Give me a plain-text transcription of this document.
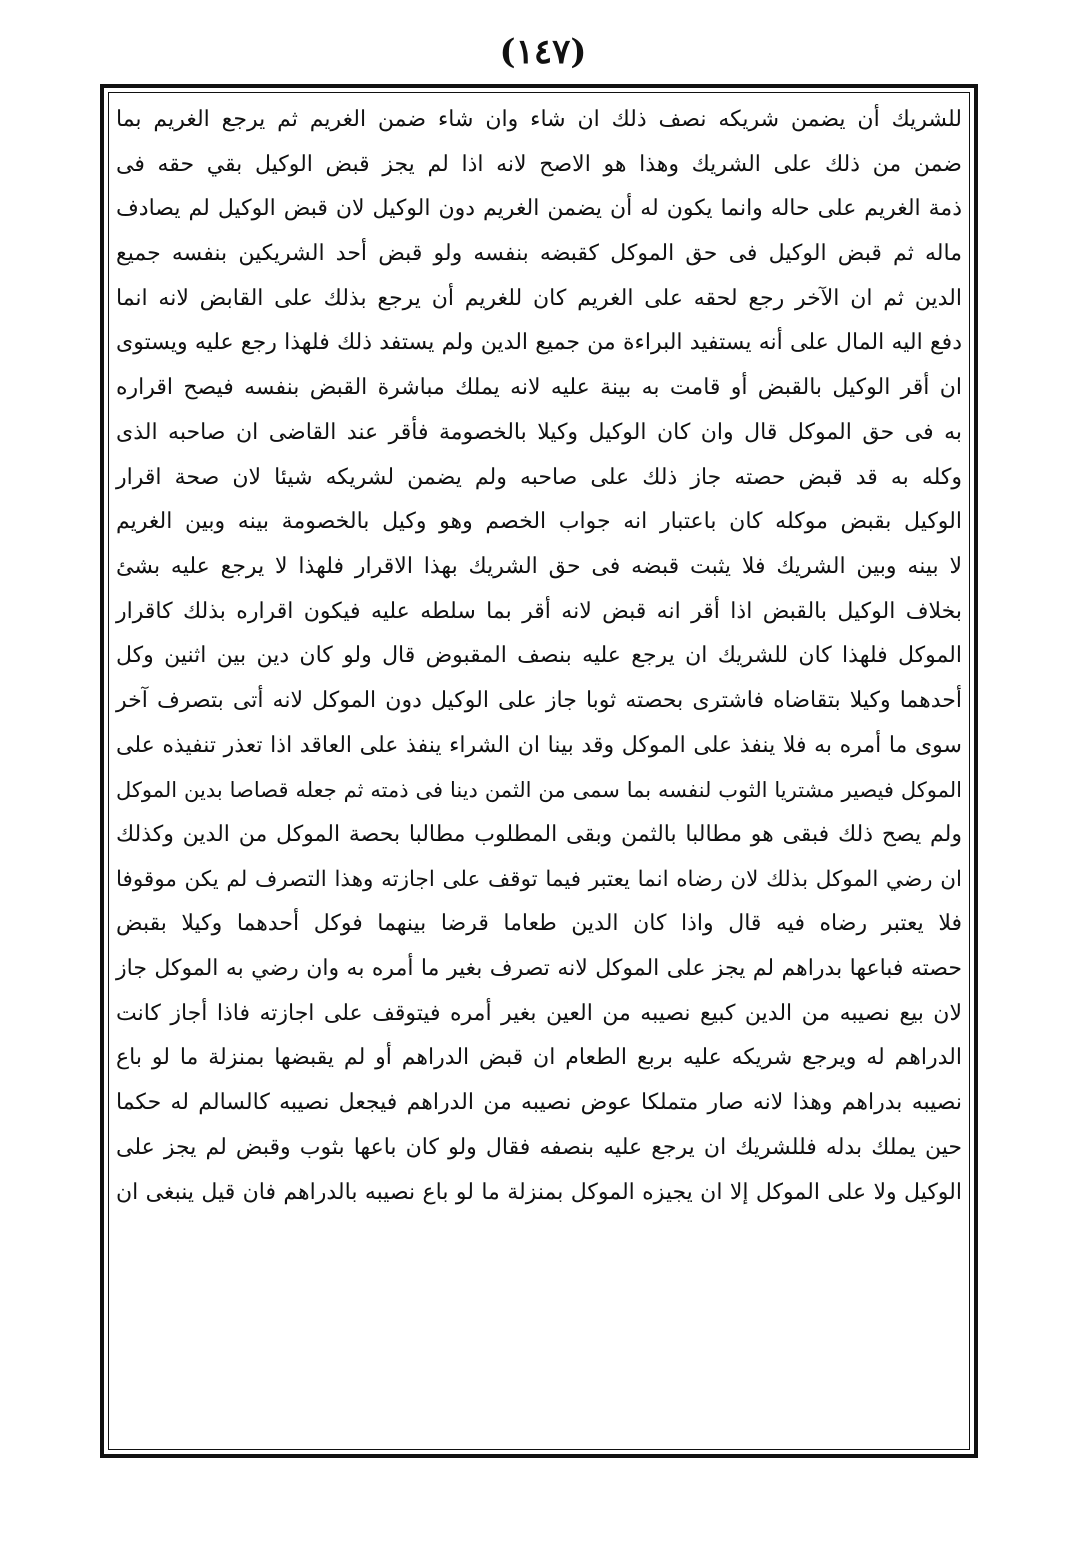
(١٤٧)
للشريك أن يضمن شريكه نصف ذلك ان شاء وان شاء ضمن الغريم ثم يرجع الغريم بما
ضمن من ذلك على الشريك وهذا هو الاصح لانه اذا لم يجز قبض الوكيل بقي حقه فى
ذمة الغريم على حاله وانما يكون له أن يضمن الغريم دون الوكيل لان قبض الوكيل لم يصادف
ماله ثم قبض الوكيل فى حق الموكل كقبضه بنفسه ولو قبض أحد الشريكين بنفسه جميع
الدين ثم ان الآخر رجع لحقه على الغريم كان للغريم أن يرجع بذلك على القابض لانه انما
دفع اليه المال على أنه يستفيد البراءة من جميع الدين ولم يستفد ذلك فلهذا رجع عليه ويستوى
ان أقر الوكيل بالقبض أو قامت به بينة عليه لانه يملك مباشرة القبض بنفسه فيصح اقراره
به فى حق الموكل قال وان كان الوكيل وكيلا بالخصومة فأقر عند القاضى ان صاحبه الذى
وكله به قد قبض حصته جاز ذلك على صاحبه ولم يضمن لشريكه شيئا لان صحة اقرار
الوكيل بقبض موكله كان باعتبار انه جواب الخصم وهو وكيل بالخصومة بينه وبين الغريم
لا بينه وبين الشريك فلا يثبت قبضه فى حق الشريك بهذا الاقرار فلهذا لا يرجع عليه بشئ
بخلاف الوكيل بالقبض اذا أقر انه قبض لانه أقر بما سلطه عليه فيكون اقراره بذلك كاقرار
الموكل فلهذا كان للشريك ان يرجع عليه بنصف المقبوض قال ولو كان دين بين اثنين وكل
أحدهما وكيلا بتقاضاه فاشترى بحصته ثوبا جاز على الوكيل دون الموكل لانه أتى بتصرف آخر
سوى ما أمره به فلا ينفذ على الموكل وقد بينا ان الشراء ينفذ على العاقد اذا تعذر تنفيذه على
الموكل فيصير مشتريا الثوب لنفسه بما سمى من الثمن دينا فى ذمته ثم جعله قصاصا بدين الموكل
ولم يصح ذلك فبقى هو مطالبا بالثمن وبقى المطلوب مطالبا بحصة الموكل من الدين وكذلك
ان رضي الموكل بذلك لان رضاه انما يعتبر فيما توقف على اجازته وهذا التصرف لم يكن موقوفا
فلا يعتبر رضاه فيه قال واذا كان الدين طعاما قرضا بينهما فوكل أحدهما وكيلا بقبض
حصته فباعها بدراهم لم يجز على الموكل لانه تصرف بغير ما أمره به وان رضي به الموكل جاز
لان بيع نصيبه من الدين كبيع نصيبه من العين بغير أمره فيتوقف على اجازته فاذا أجاز كانت
الدراهم له ويرجع شريكه عليه بربع الطعام ان قبض الدراهم أو لم يقبضها بمنزلة ما لو باع
نصيبه بدراهم وهذا لانه صار متملكا عوض نصيبه من الدراهم فيجعل نصيبه كالسالم له حكما
حين يملك بدله فللشريك ان يرجع عليه بنصفه فقال ولو كان باعها بثوب وقبض لم يجز على
الوكيل ولا على الموكل إلا ان يجيزه الموكل بمنزلة ما لو باع نصيبه بالدراهم فان قيل ينبغى ان
